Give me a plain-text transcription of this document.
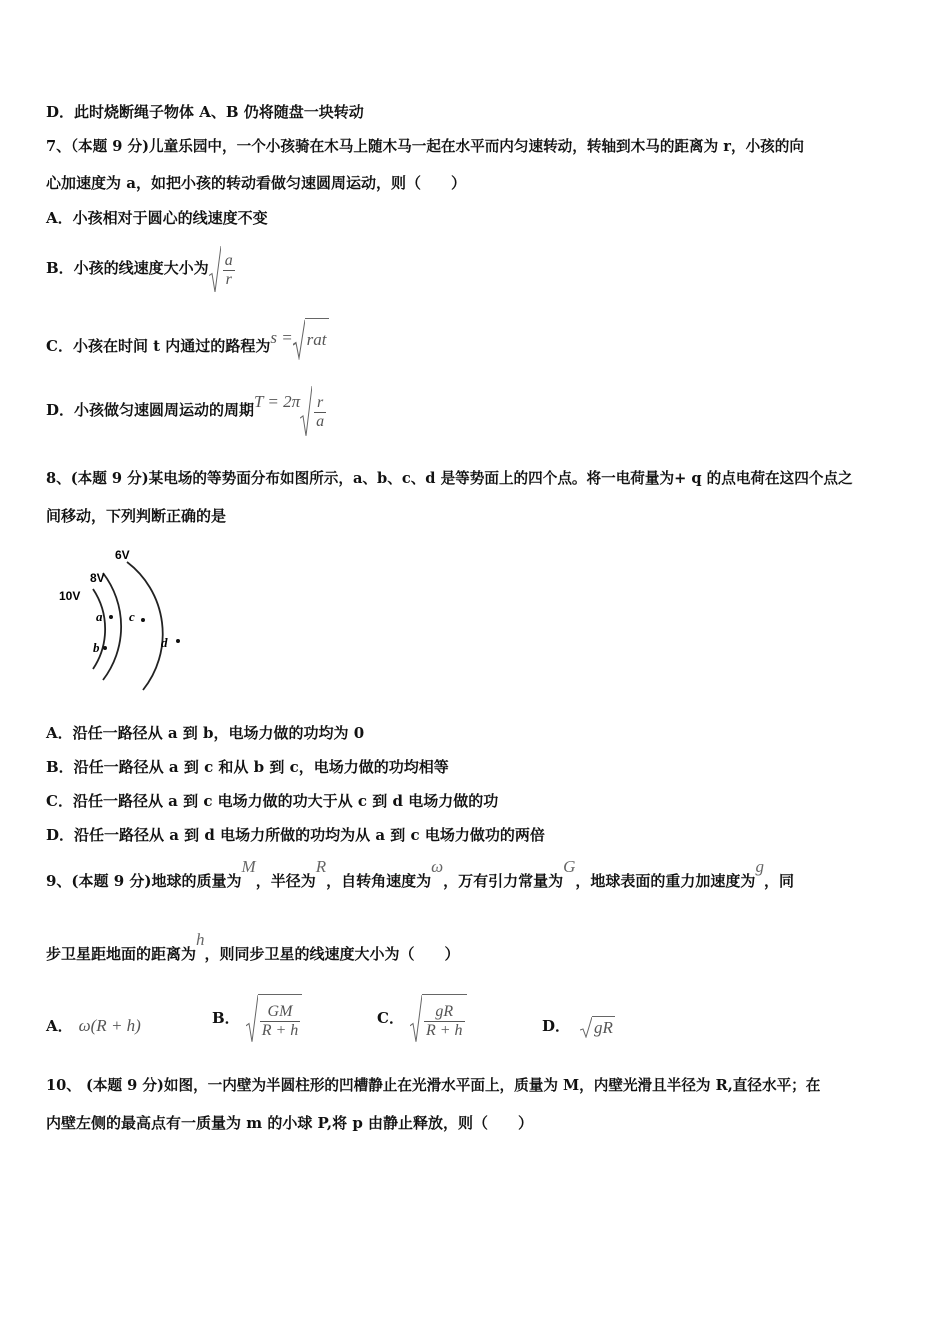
D．此时烧断绳子物体 A、B 仍将随盘一块转动
7、（本题 9 分)儿童乐园中，一个小孩骑在木马上随木马一起在水平而内匀速转动，转轴到木马的距离为 r，小孩的向
心加速度为 a，如把小孩的转动看做匀速圆周运动，则（　　）
A．小孩相对于圆心的线速度不变
B．小孩的线速度大小为 $\frac{a}{r}$
C．小孩在时间 t 内通过的路程为s = rat
D．小孩做匀速圆周运动的周期$T = 2\pi \frac{r}{a}$
8、(本题 9 分)某电场的等势面分布如图所示，a、b、c、d 是等势面上的四个点。将一电荷量为+ q 的点电荷在这四个点之
间移动，下列判断正确的是
6V
8V
10V
a
b
c
d
A．沿任一路径从 a 到 b，电场力做的功均为 0
B．沿任一路径从 a 到 c 和从 b 到 c，电场力做的功均相等
C．沿任一路径从 a 到 c 电场力做的功大于从 c 到 d 电场力做的功
D．沿任一路径从 a 到 d 电场力所做的功均为从 a 到 c 电场力做功的两倍
9、(本题 9 分)地球的质量为M，半径为R，自转角速度为ω，万有引力常量为G，地球表面的重力加速度为g，同
步卫星距地面的距离为h，则同步卫星的线速度大小为（　　）
A． ω(R + h)	B． $\frac{GM}{R + h}$	C． $\frac{gR}{R + h}$	D． gR
10、 (本题 9 分)如图，一内壁为半圆柱形的凹槽静止在光滑水平面上，质量为 M，内壁光滑且半径为 R,直径水平；在
内壁左侧的最高点有一质量为 m 的小球 P,将 p 由静止释放，则（　　）
